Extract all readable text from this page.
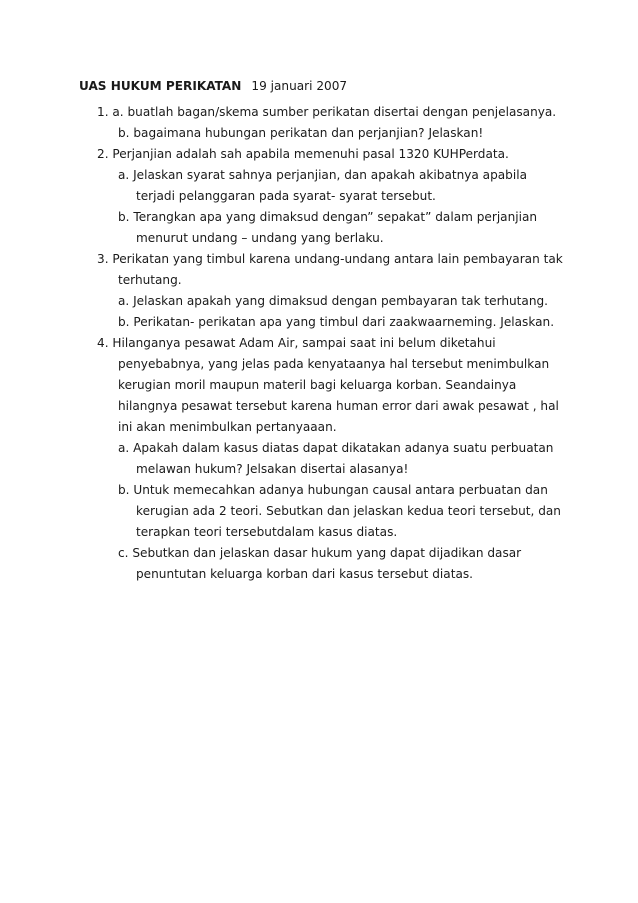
UAS HUKUM PERIKATAN 19 januari 2007
1. a. buatlah bagan/skema sumber perikatan disertai dengan penjelasanya.
b. bagaimana hubungan perikatan dan perjanjian? Jelaskan!
2. Perjanjian adalah sah apabila memenuhi pasal 1320 KUHPerdata.
a. Jelaskan syarat sahnya perjanjian, dan apakah akibatnya apabila
terjadi pelanggaran pada syarat- syarat tersebut.
b. Terangkan apa yang dimaksud dengan” sepakat” dalam perjanjian
menurut undang – undang yang berlaku.
3. Perikatan yang timbul karena undang-undang antara lain pembayaran tak
terhutang.
a. Jelaskan apakah yang dimaksud dengan pembayaran tak terhutang.
b. Perikatan- perikatan apa yang timbul dari zaakwaarneming. Jelaskan.
4. Hilanganya pesawat Adam Air, sampai saat ini belum diketahui
penyebabnya, yang jelas pada kenyataanya hal tersebut menimbulkan
kerugian moril maupun materil bagi keluarga korban. Seandainya
hilangnya pesawat tersebut karena human error dari awak pesawat , hal
ini akan menimbulkan pertanyaaan.
a. Apakah dalam kasus diatas dapat dikatakan adanya suatu perbuatan
melawan hukum? Jelsakan disertai alasanya!
b. Untuk memecahkan adanya hubungan causal antara perbuatan dan
kerugian ada 2 teori. Sebutkan dan jelaskan kedua teori tersebut, dan
terapkan teori tersebutdalam kasus diatas.
c. Sebutkan dan jelaskan dasar hukum yang dapat dijadikan dasar
penuntutan keluarga korban dari kasus tersebut diatas.
